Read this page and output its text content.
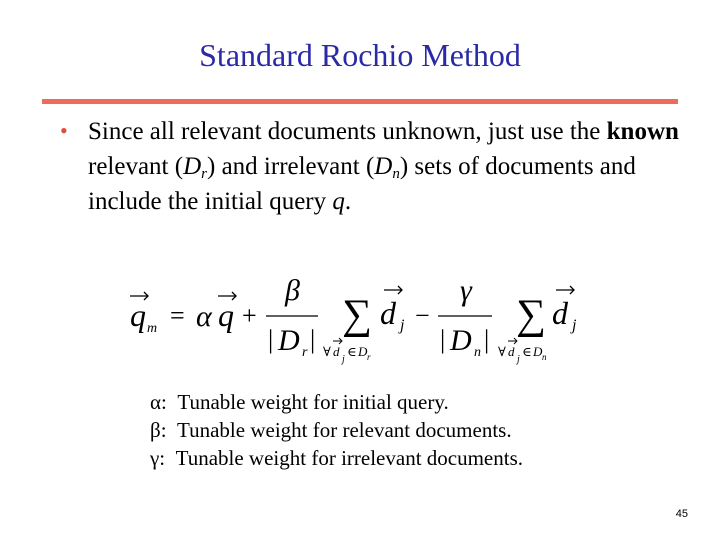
Standard Rochio Method
• Since all relevant documents unknown, just use the known relevant $(D_r)$ and irrelevant $(D_n)$ sets of documents and include the initial query q.
q m = α q +
β
| D r |
∑
∀ d
j
∈ D r
d j −
γ
| D n |
∑
∀ d
j
∈ D n
d j
α:  Tunable weight for initial query.
β:  Tunable weight for relevant documents.
γ:  Tunable weight for irrelevant documents.
45
